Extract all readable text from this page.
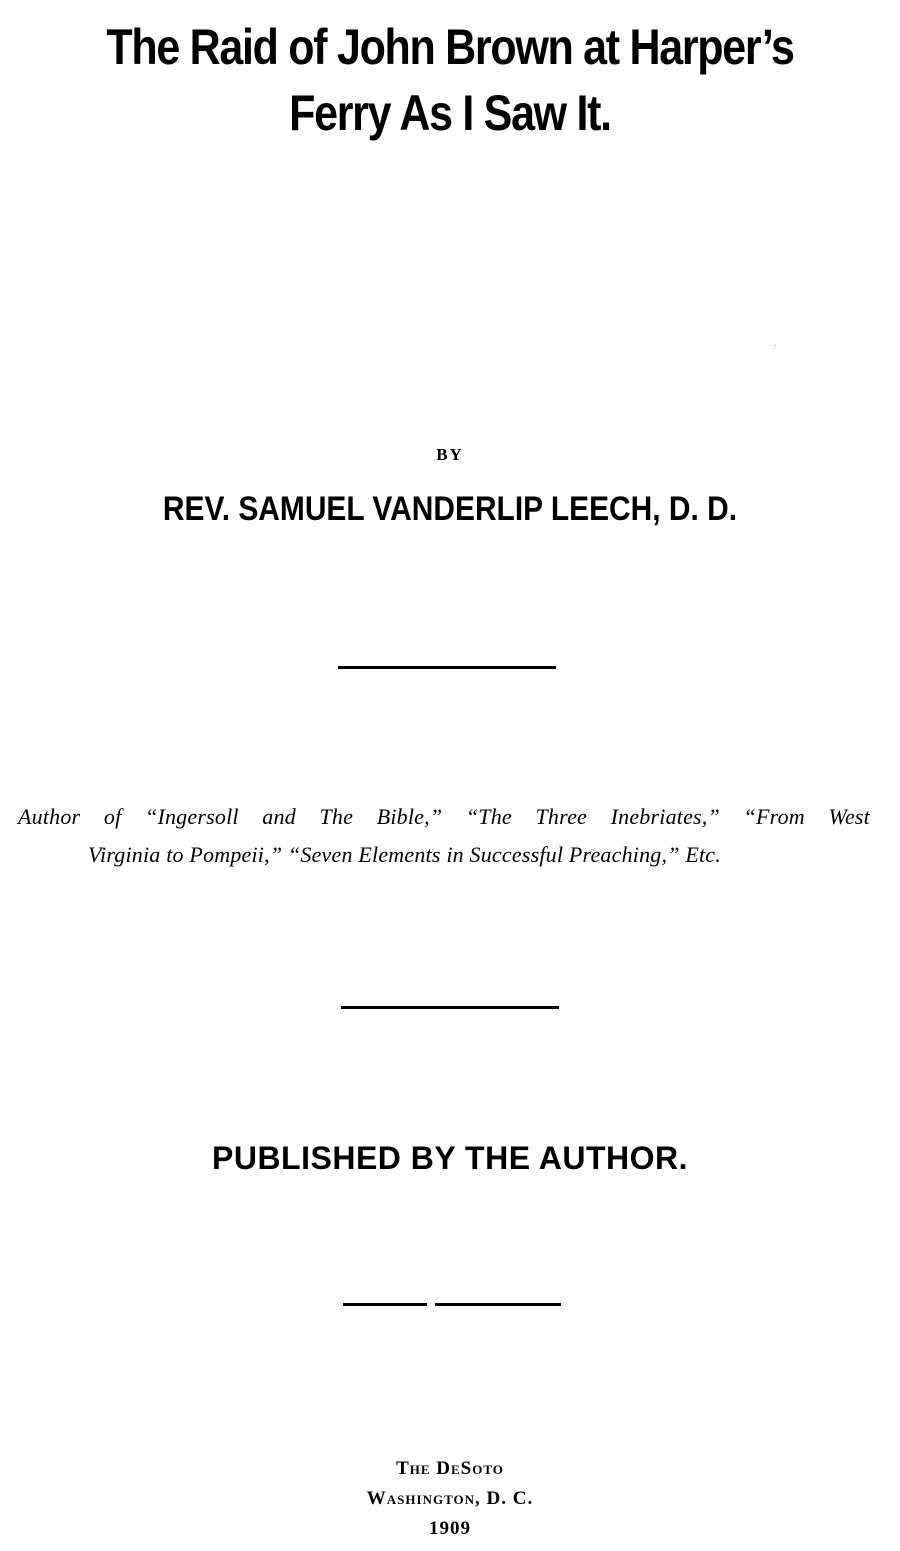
The Raid of John Brown at Harper’s
Ferry As I Saw It.
BY
REV. SAMUEL VANDERLIP LEECH, D. D.
Author of “Ingersoll and The Bible,” “The Three Inebriates,” “From West
Virginia to Pompeii,” “Seven Elements in Successful Preaching,” Etc.
PUBLISHED BY THE AUTHOR.
The DeSoto
Washington, D. C.
1909
